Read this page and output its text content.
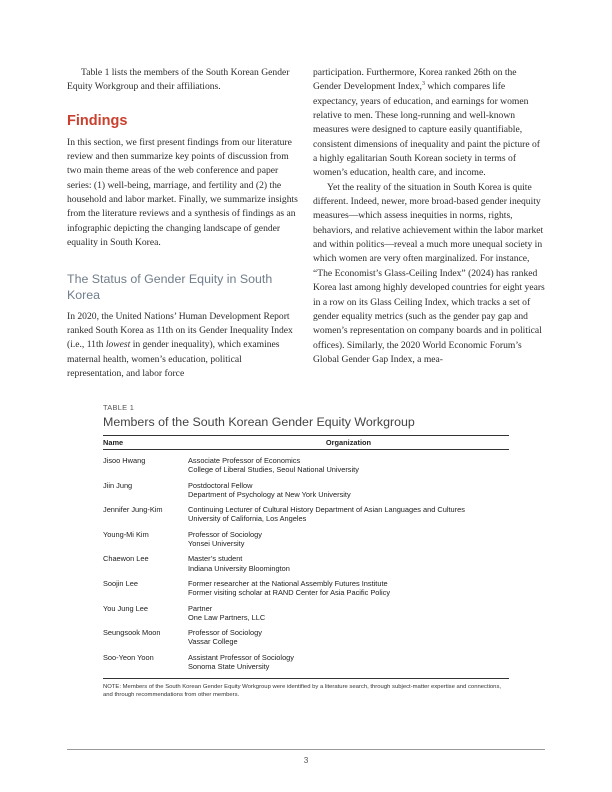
Table 1 lists the members of the South Korean Gender Equity Workgroup and their affiliations.

Findings

In this section, we first present findings from our literature review and then summarize key points of discussion from two main theme areas of the web conference and paper series: (1) well-being, marriage, and fertility and (2) the household and labor market. Finally, we summarize insights from the literature reviews and a synthesis of findings as an infographic depicting the changing landscape of gender equality in South Korea.

The Status of Gender Equity in South Korea

In 2020, the United Nations’ Human Development Report ranked South Korea as 11th on its Gender Inequality Index (i.e., 11th lowest in gender inequality), which examines maternal health, women’s education, political representation, and labor force

participation. Furthermore, Korea ranked 26th on the Gender Development Index,$^3$ which compares life expectancy, years of education, and earnings for women relative to men. These long-running and well-known measures were designed to capture easily quantifiable, consistent dimensions of inequality and paint the picture of a highly egalitarian South Korean society in terms of women’s education, health care, and income.

Yet the reality of the situation in South Korea is quite different. Indeed, newer, more broad-based gender inequity measures—which assess inequities in norms, rights, behaviors, and relative achievement within the labor market and within politics—reveal a much more unequal society in which women are very often marginalized. For instance, “The Economist’s Glass-Ceiling Index” (2024) has ranked Korea last among highly developed countries for eight years in a row on its Glass Ceiling Index, which tracks a set of gender equality metrics (such as the gender pay gap and women’s representation on company boards and in political offices). Similarly, the 2020 World Economic Forum’s Global Gender Gap Index, a mea-

TABLE 1
Members of the South Korean Gender Equity Workgroup
Name	Organization
Jisoo Hwang	Associate Professor of Economics
College of Liberal Studies, Seoul National University
Jiin Jung	Postdoctoral Fellow
Department of Psychology at New York University
Jennifer Jung-Kim	Continuing Lecturer of Cultural History Department of Asian Languages and Cultures
University of California, Los Angeles
Young-Mi Kim	Professor of Sociology
Yonsei University
Chaewon Lee	Master’s student
Indiana University Bloomington
Soojin Lee	Former researcher at the National Assembly Futures Institute
Former visiting scholar at RAND Center for Asia Pacific Policy
You Jung Lee	Partner
One Law Partners, LLC
Seungsook Moon	Professor of Sociology
Vassar College
Soo-Yeon Yoon	Assistant Professor of Sociology
Sonoma State University
NOTE: Members of the South Korean Gender Equity Workgroup were identified by a literature search, through subject-matter expertise and connections, and through recommendations from other members.
3
